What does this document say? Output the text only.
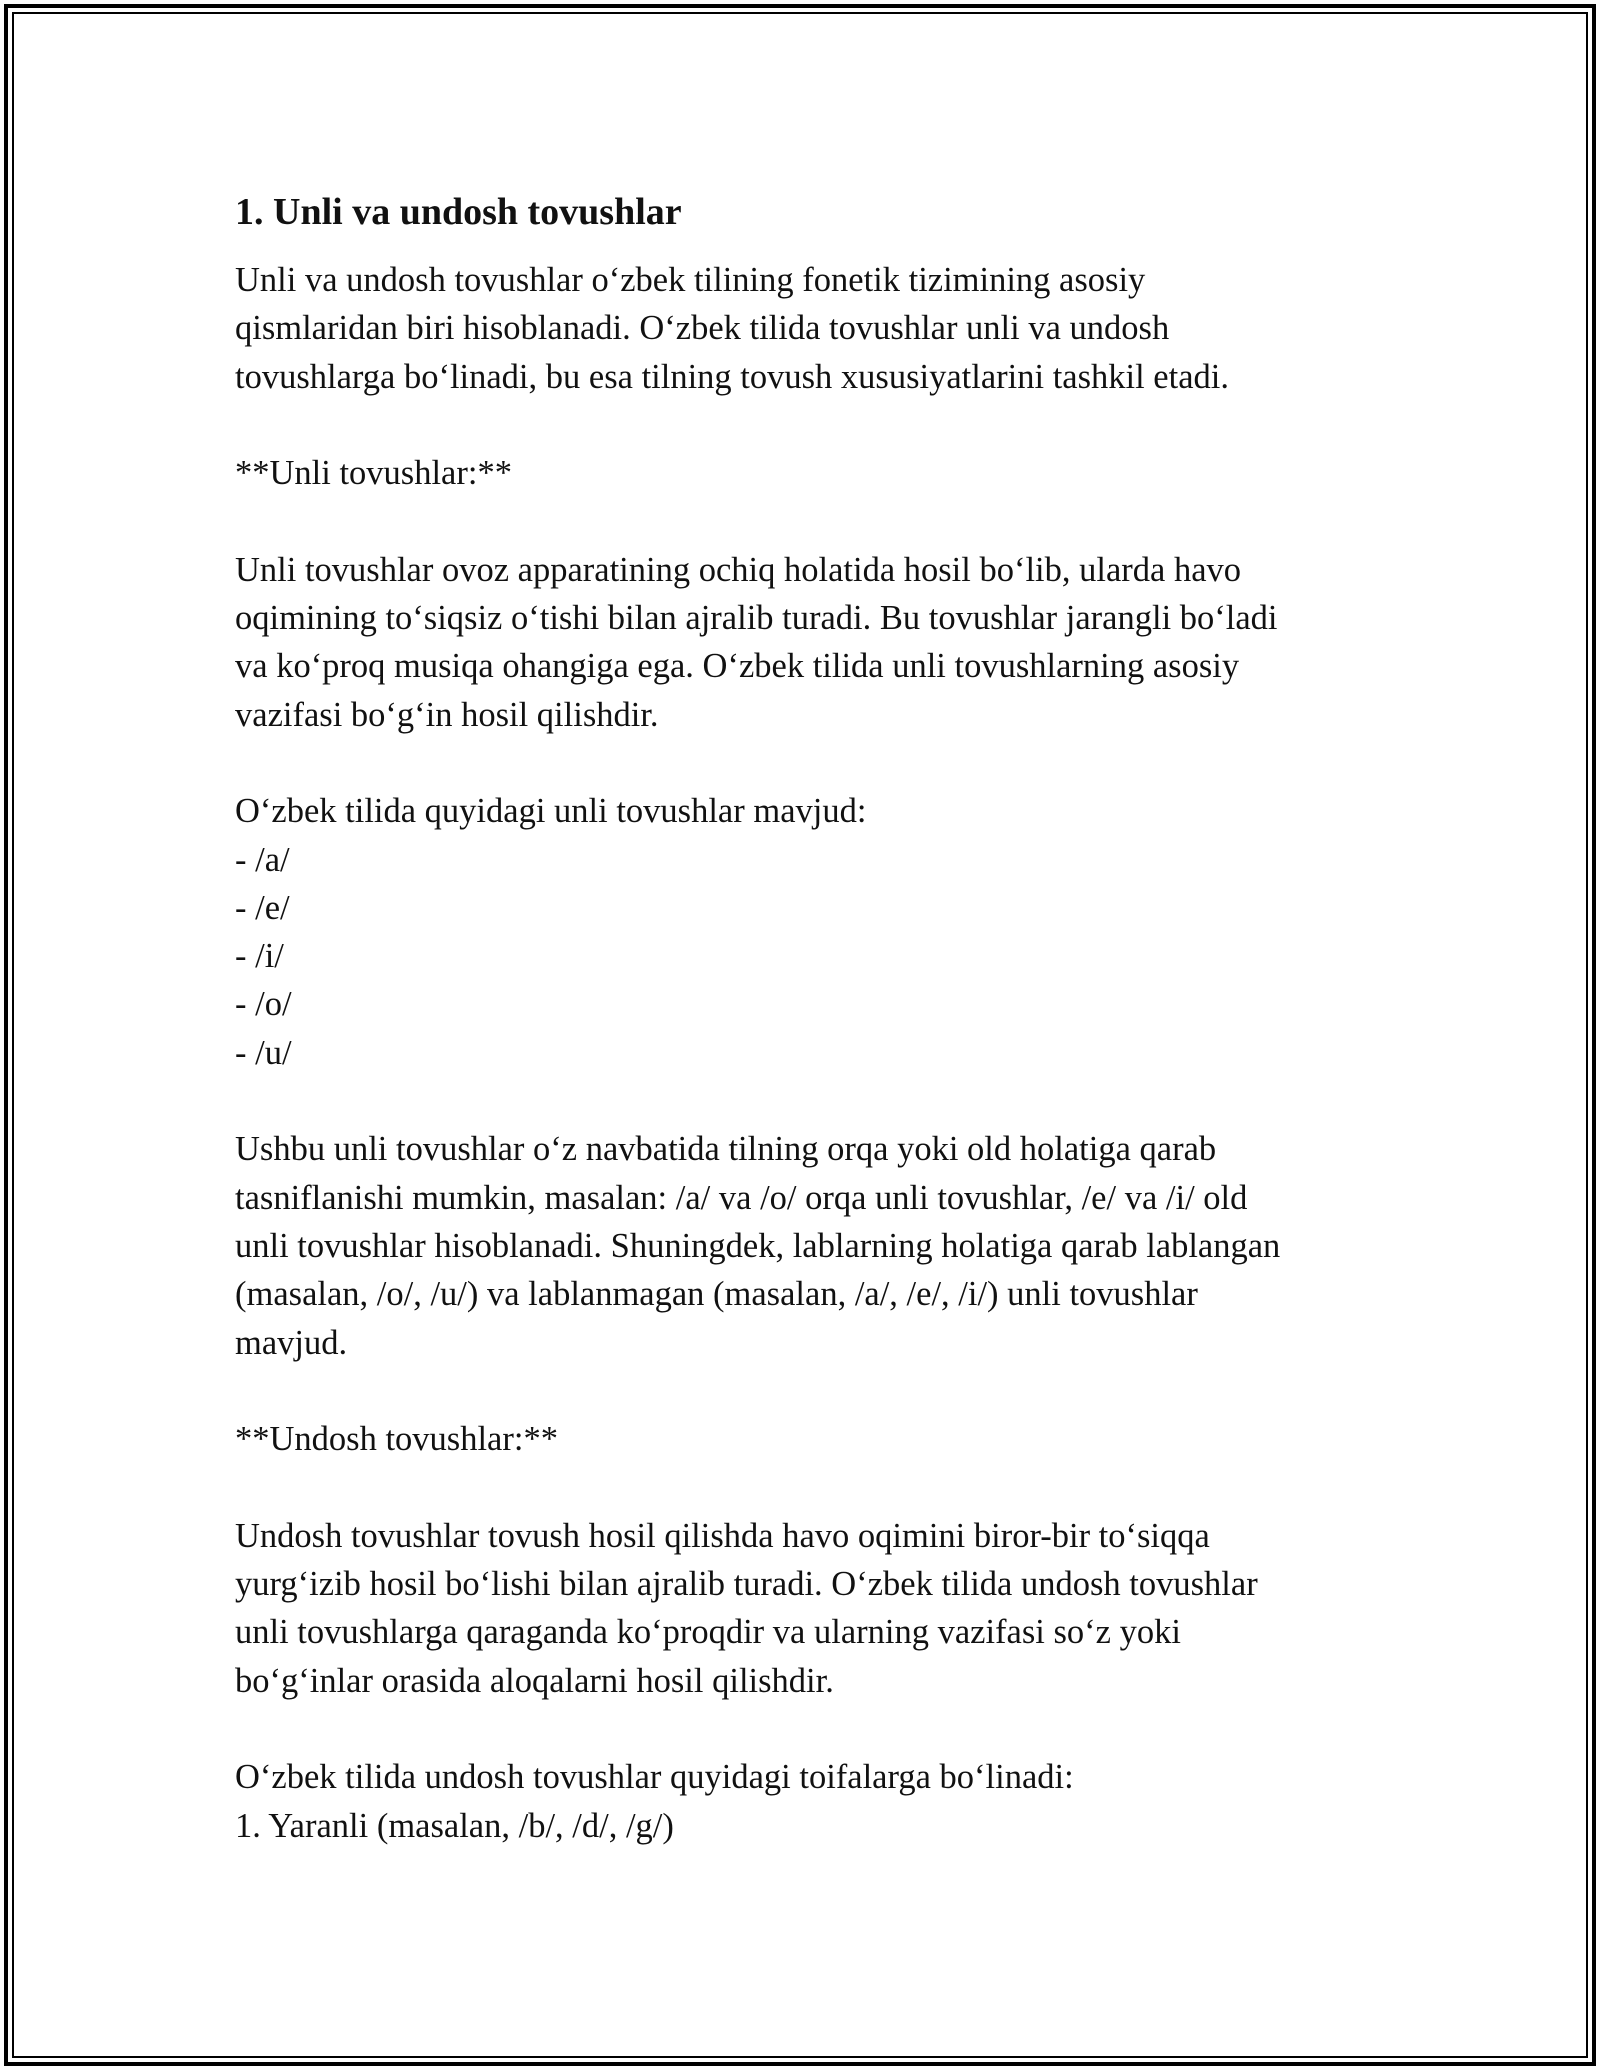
1. Unli va undosh tovushlar

Unli va undosh tovushlar o‘zbek tilining fonetik tizimining asosiy
qismlaridan biri hisoblanadi. O‘zbek tilida tovushlar unli va undosh
tovushlarga bo‘linadi, bu esa tilning tovush xususiyatlarini tashkil etadi.

**Unli tovushlar:**

Unli tovushlar ovoz apparatining ochiq holatida hosil bo‘lib, ularda havo
oqimining to‘siqsiz o‘tishi bilan ajralib turadi. Bu tovushlar jarangli bo‘ladi
va ko‘proq musiqa ohangiga ega. O‘zbek tilida unli tovushlarning asosiy
vazifasi bo‘g‘in hosil qilishdir.

O‘zbek tilida quyidagi unli tovushlar mavjud:

- /a/
- /e/
- /i/
- /o/
- /u/

Ushbu unli tovushlar o‘z navbatida tilning orqa yoki old holatiga qarab
tasniflanishi mumkin, masalan: /a/ va /o/ orqa unli tovushlar, /e/ va /i/ old
unli tovushlar hisoblanadi. Shuningdek, lablarning holatiga qarab lablangan
(masalan, /o/, /u/) va lablanmagan (masalan, /a/, /e/, /i/) unli tovushlar
mavjud.

**Undosh tovushlar:**

Undosh tovushlar tovush hosil qilishda havo oqimini biror-bir to‘siqqa
yurg‘izib hosil bo‘lishi bilan ajralib turadi. O‘zbek tilida undosh tovushlar
unli tovushlarga qaraganda ko‘proqdir va ularning vazifasi so‘z yoki
bo‘g‘inlar orasida aloqalarni hosil qilishdir.

O‘zbek tilida undosh tovushlar quyidagi toifalarga bo‘linadi:

1. Yaranli (masalan, /b/, /d/, /g/)
